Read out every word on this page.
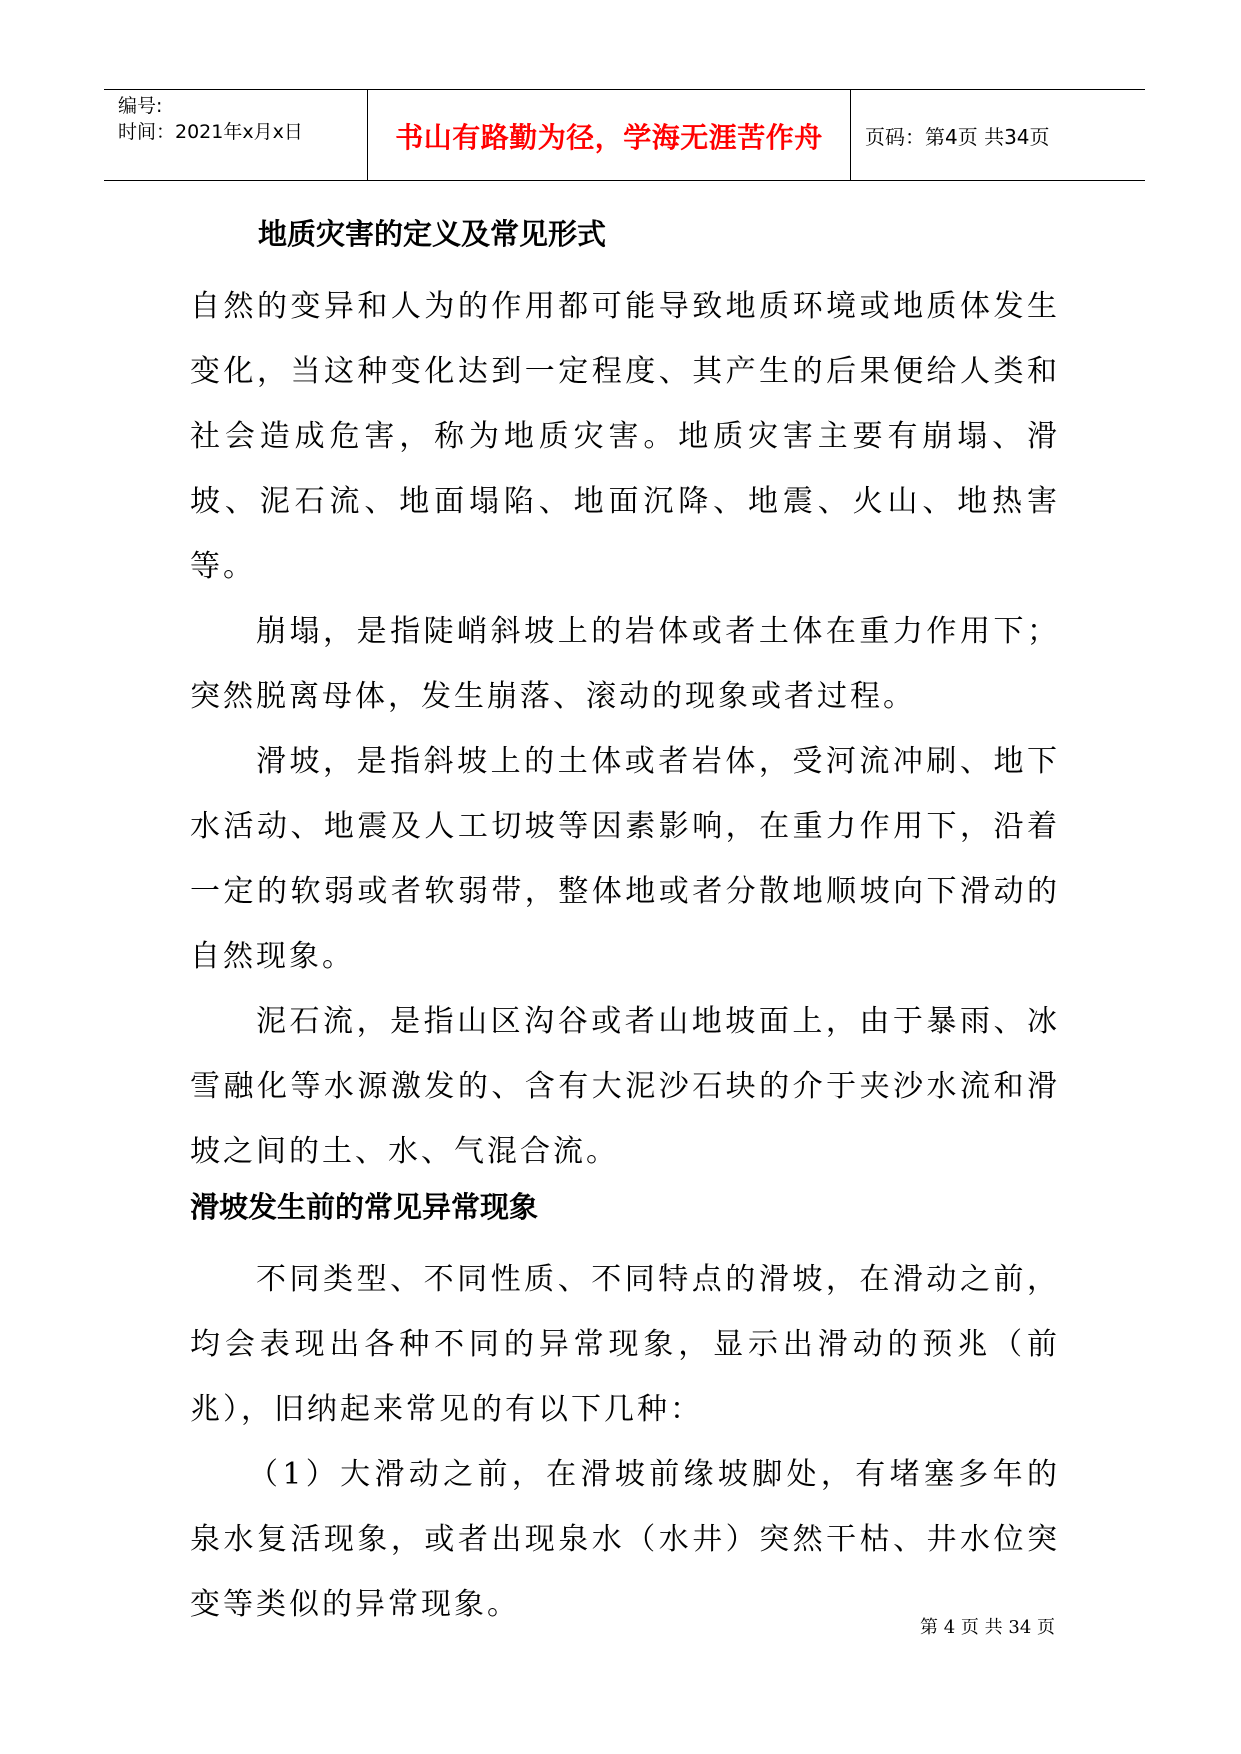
编号:
时间：2021年x月x日	书山有路勤为径，学海无涯苦作舟	页码：第4页 共34页
地质灾害的定义及常见形式

自然的变异和人为的作用都可能导致地质环境或地质体发生变化，当这种变化达到一定程度、其产生的后果便给人类和社会造成危害，称为地质灾害。地质灾害主要有崩塌、滑坡、泥石流、地面塌陷、地面沉降、地震、火山、地热害等。

崩塌，是指陡峭斜坡上的岩体或者土体在重力作用下；突然脱离母体，发生崩落、滚动的现象或者过程。

滑坡，是指斜坡上的土体或者岩体，受河流冲刷、地下水活动、地震及人工切坡等因素影响，在重力作用下，沿着一定的软弱或者软弱带，整体地或者分散地顺坡向下滑动的自然现象。

泥石流，是指山区沟谷或者山地坡面上，由于暴雨、冰雪融化等水源激发的、含有大泥沙石块的介于夹沙水流和滑坡之间的土、水、气混合流。

滑坡发生前的常见异常现象

不同类型、不同性质、不同特点的滑坡，在滑动之前，均会表现出各种不同的异常现象，显示出滑动的预兆（前兆），旧纳起来常见的有以下几种：

（1）大滑动之前，在滑坡前缘坡脚处，有堵塞多年的泉水复活现象，或者出现泉水（水井）突然干枯、井水位突变等类似的异常现象。

第 4 页 共 34 页
